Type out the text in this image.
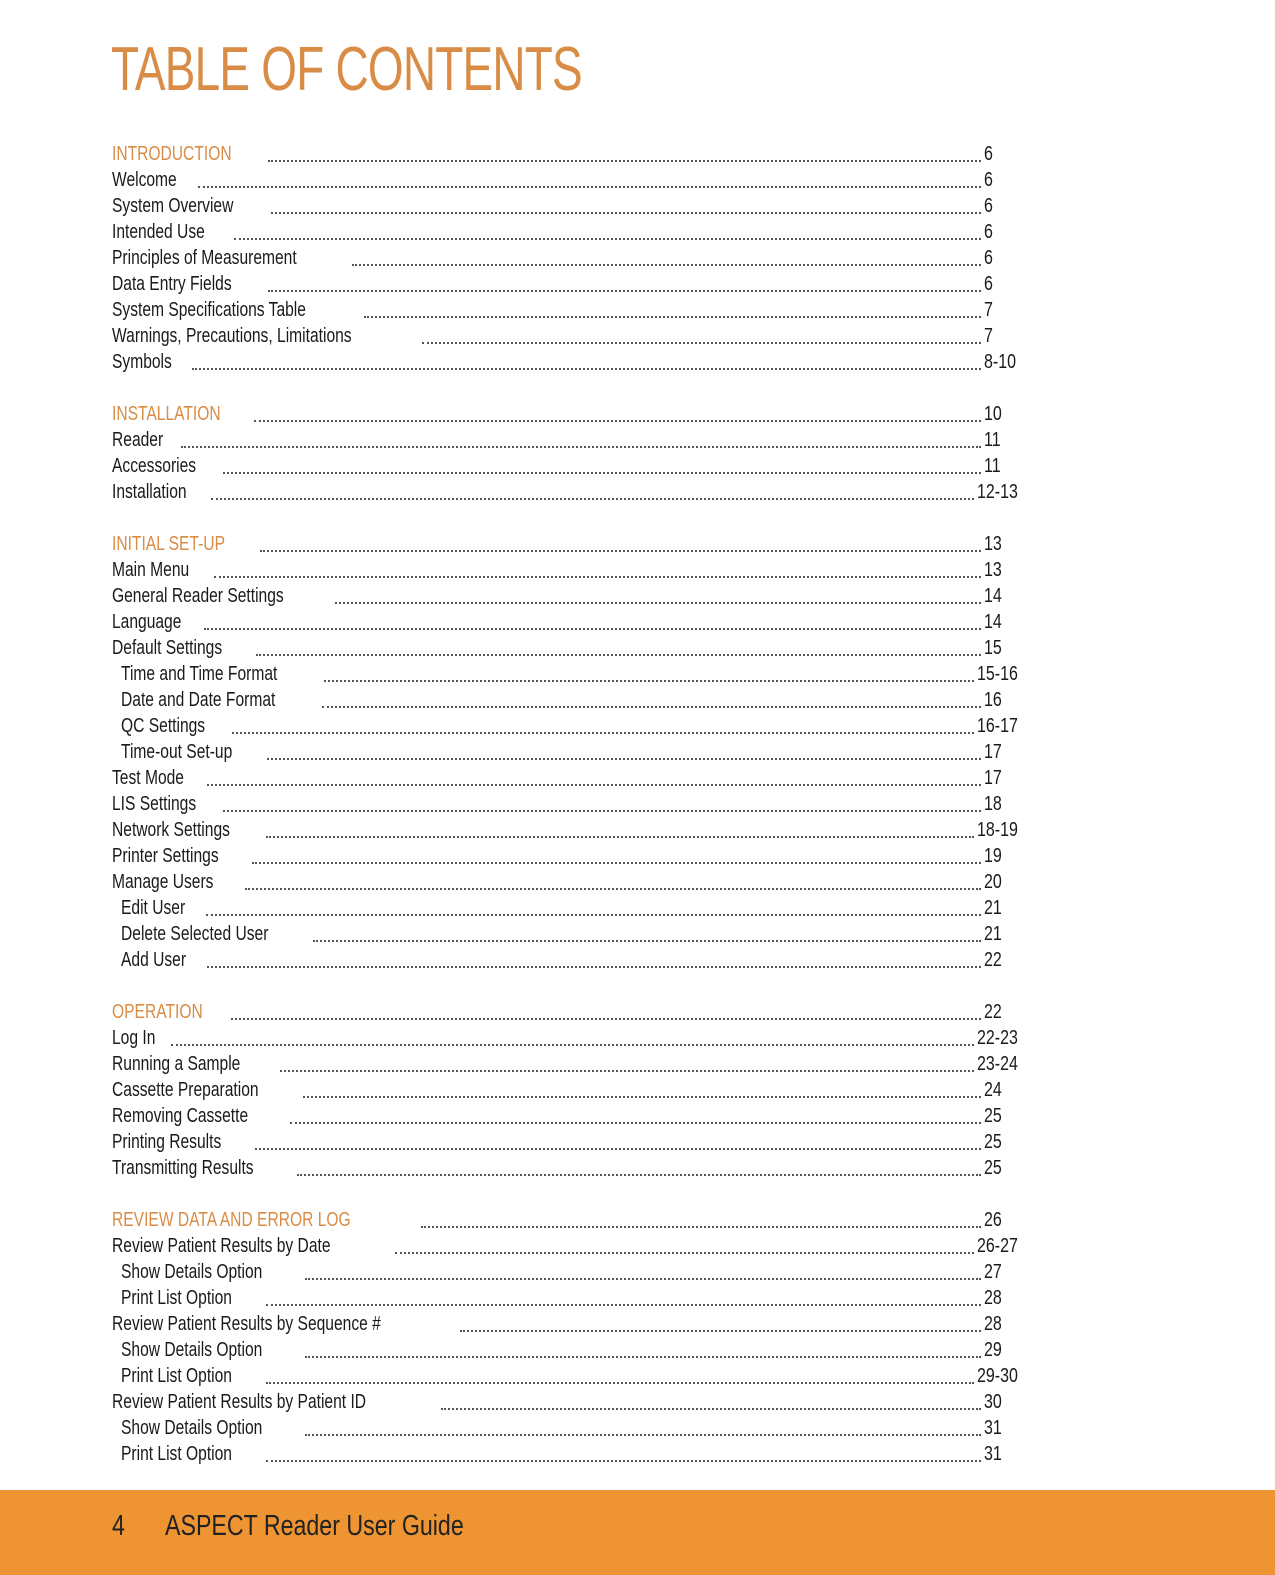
TABLE OF CONTENTS
INTRODUCTION	6
Welcome	6
System Overview	6
Intended Use	6
Principles of Measurement	6
Data Entry Fields	6
System Specifications Table	7
Warnings, Precautions, Limitations	7
Symbols	8-10
INSTALLATION	10
Reader	11
Accessories	11
Installation	12-13
INITIAL SET-UP	13
Main Menu	13
General Reader Settings	14
Language	14
Default Settings	15
Time and Time Format	15-16
Date and Date Format	16
QC Settings	16-17
Time-out Set-up	17
Test Mode	17
LIS Settings	18
Network Settings	18-19
Printer Settings	19
Manage Users	20
Edit User	21
Delete Selected User	21
Add User	22
OPERATION	22
Log In	22-23
Running a Sample	23-24
Cassette Preparation	24
Removing Cassette	25
Printing Results	25
Transmitting Results	25
REVIEW DATA AND ERROR LOG	26
Review Patient Results by Date	26-27
Show Details Option	27
Print List Option	28
Review Patient Results by Sequence #	28
Show Details Option	29
Print List Option	29-30
Review Patient Results by Patient ID	30
Show Details Option	31
Print List Option	31
4 ASPECT Reader User Guide
